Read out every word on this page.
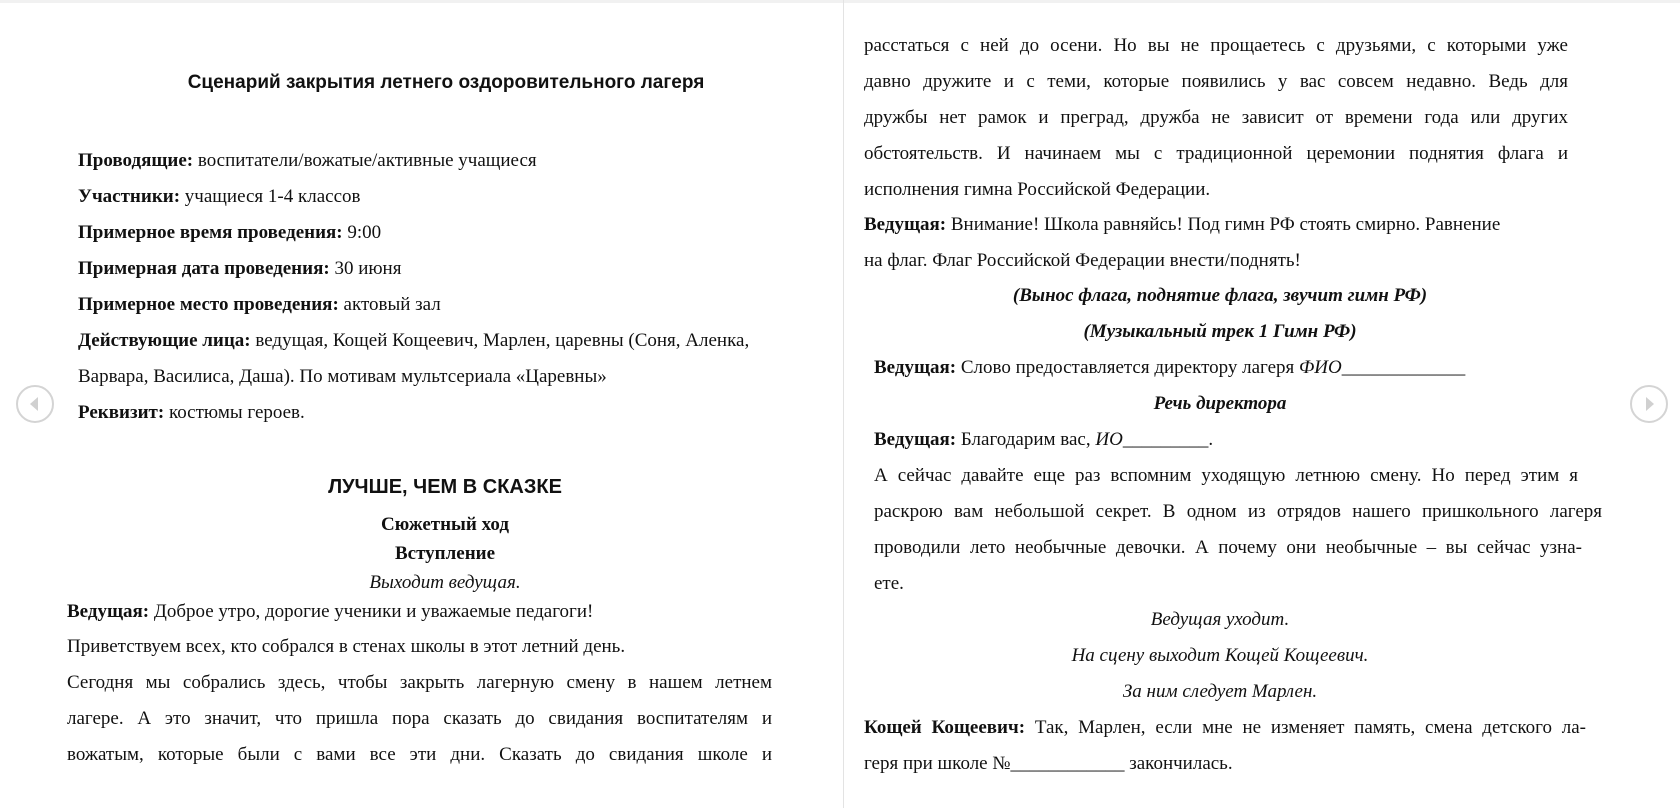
Сценарий закрытия летнего оздоровительного лагеря
Проводящие: воспитатели/вожатые/активные учащиеся
Участники: учащиеся 1-4 классов
Примерное время проведения: 9:00
Примерная дата проведения: 30 июня
Примерное место проведения: актовый зал
Действующие лица: ведущая, Кощей Кощеевич, Марлен, царевны (Соня, Аленка,
Варвара, Василиса, Даша). По мотивам мультсериала «Царевны»
Реквизит: костюмы героев.
ЛУЧШЕ, ЧЕМ В СКАЗКЕ
Сюжетный ход
Вступление
Выходит ведущая.
Ведущая: Доброе утро, дорогие ученики и уважаемые педагоги!
Приветствуем всех, кто собрался в стенах школы в этот летний день.
Сегодня мы собрались здесь, чтобы закрыть лагерную смену в нашем летнем
лагере. А это значит, что пришла пора сказать до свидания воспитателям и
вожатым, которые были с вами все эти дни. Сказать до свидания школе и
расстаться с ней до осени. Но вы не прощаетесь с друзьями, с которыми уже
давно дружите и с теми, которые появились у вас совсем недавно. Ведь для
дружбы нет рамок и преград, дружба не зависит от времени года или других
обстоятельств. И начинаем мы с традиционной церемонии поднятия флага и
исполнения гимна Российской Федерации.
Ведущая: Внимание! Школа равняйсь! Под гимн РФ стоять смирно. Равнение
на флаг. Флаг Российской Федерации внести/поднять!
(Вынос флага, поднятие флага, звучит гимн РФ)
(Музыкальный трек 1 Гимн РФ)
Ведущая: Слово предоставляется директору лагеря ФИО_____________
Речь директора
Ведущая: Благодарим вас, ИО_________.
А сейчас давайте еще раз вспомним уходящую летнюю смену. Но перед этим я
раскрою вам небольшой секрет. В одном из отрядов нашего пришкольного лагеря
проводили лето необычные девочки. А почему они необычные – вы сейчас узна-
ете.
Ведущая уходит.
На сцену выходит Кощей Кощеевич.
За ним следует Марлен.
Кощей Кощеевич: Так, Марлен, если мне не изменяет память, смена детского ла-
геря при школе №____________ закончилась.
